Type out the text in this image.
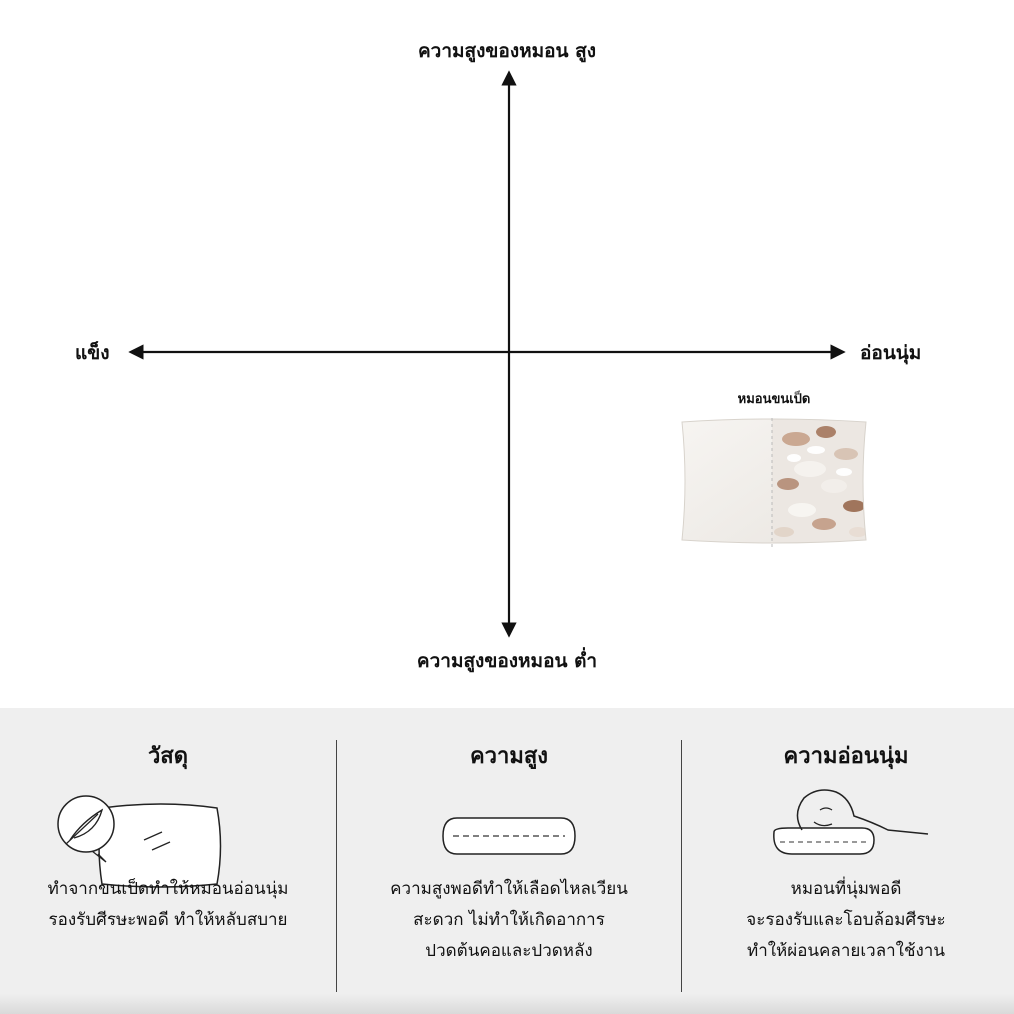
ความสูงของหมอน สูง
ความสูงของหมอน ต่ำ
แข็ง	อ่อนนุ่ม
หมอนขนเป็ด
วัสดุ
ทำจากขนเป็ดทำให้หมอนอ่อนนุ่ม
รองรับศีรษะพอดี ทำให้หลับสบาย
ความสูง
ความสูงพอดีทำให้เลือดไหลเวียน
สะดวก ไม่ทำให้เกิดอาการ
ปวดต้นคอและปวดหลัง
ความอ่อนนุ่ม
หมอนที่นุ่มพอดี
จะรองรับและโอบล้อมศีรษะ
ทำให้ผ่อนคลายเวลาใช้งาน
